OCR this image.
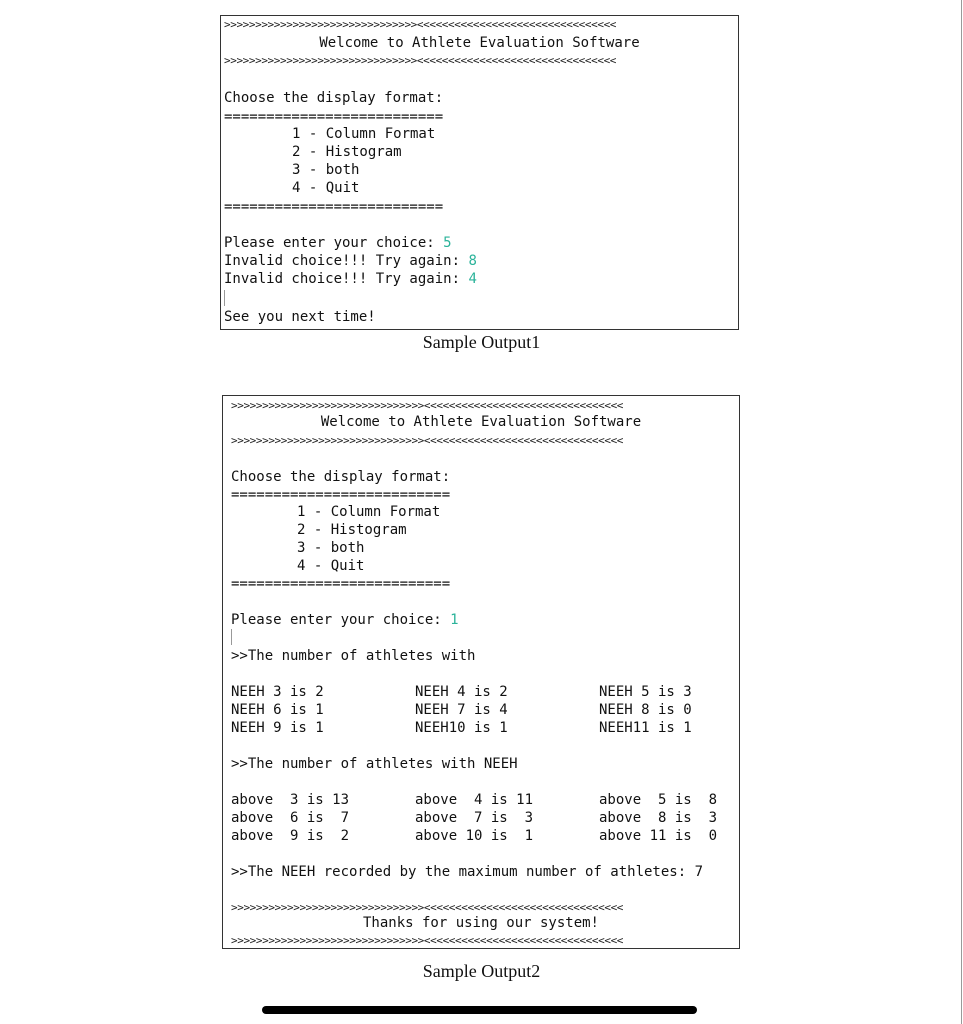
>>>>>>>>>>>>>>>>>>>>>>>>>>>>>>><<<<<<<<<<<<<<<<<<<<<<<<<<<<<<<<
Welcome to Athlete Evaluation Software
>>>>>>>>>>>>>>>>>>>>>>>>>>>>>>><<<<<<<<<<<<<<<<<<<<<<<<<<<<<<<<
Choose the display format:
==========================
1 - Column Format
2 - Histogram
3 - both
4 - Quit
==========================
Please enter your choice: 5
Invalid choice!!! Try again: 8
Invalid choice!!! Try again: 4
See you next time!
Sample Output1
>>>>>>>>>>>>>>>>>>>>>>>>>>>>>>><<<<<<<<<<<<<<<<<<<<<<<<<<<<<<<<
Welcome to Athlete Evaluation Software
>>>>>>>>>>>>>>>>>>>>>>>>>>>>>>><<<<<<<<<<<<<<<<<<<<<<<<<<<<<<<<
Choose the display format:
==========================
1 - Column Format
2 - Histogram
3 - both
4 - Quit
==========================
Please enter your choice: 1
>>The number of athletes with
NEEH 3 is 2	NEEH 4 is 2	NEEH 5 is 3
NEEH 6 is 1	NEEH 7 is 4	NEEH 8 is 0
NEEH 9 is 1	NEEH10 is 1	NEEH11 is 1
>>The number of athletes with NEEH
above  3 is 13	above  4 is 11	above  5 is  8
above  6 is  7	above  7 is  3	above  8 is  3
above  9 is  2	above 10 is  1	above 11 is  0
>>The NEEH recorded by the maximum number of athletes: 7
>>>>>>>>>>>>>>>>>>>>>>>>>>>>>>><<<<<<<<<<<<<<<<<<<<<<<<<<<<<<<<
Thanks for using our system!
>>>>>>>>>>>>>>>>>>>>>>>>>>>>>>><<<<<<<<<<<<<<<<<<<<<<<<<<<<<<<<
Sample Output2
